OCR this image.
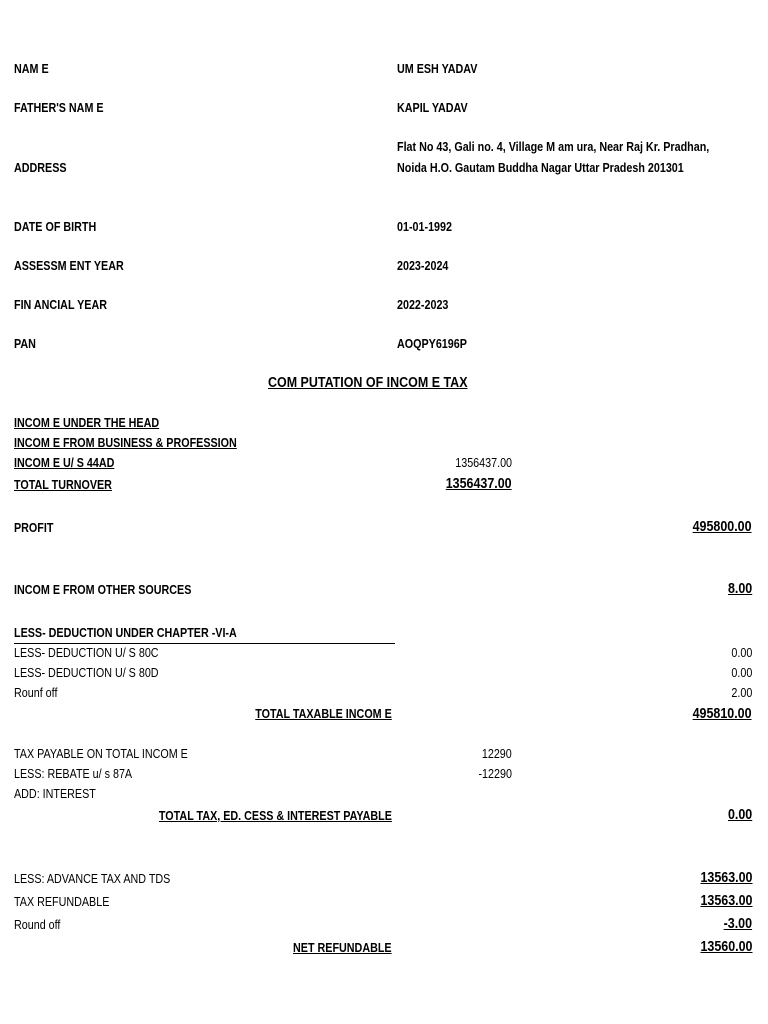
NAM E	UM ESH YADAV
FATHER'S NAM E	KAPIL YADAV
ADDRESS
Flat No 43, Gali no. 4, Village M am ura, Near Raj Kr. Pradhan, Noida H.O. Gautam Buddha Nagar Uttar Pradesh 201301
DATE OF BIRTH	01-01-1992
ASSESSM ENT YEAR	2023-2024
FIN ANCIAL YEAR	2022-2023
PAN	AOQPY6196P
COM PUTATION OF INCOM E TAX
INCOM E UNDER THE HEAD
INCOM E FROM BUSINESS & PROFESSION
INCOM E U/ S 44AD	1356437.00
TOTAL TURNOVER	1356437.00
PROFIT	495800.00
INCOM E FROM OTHER SOURCES	8.00
LESS- DEDUCTION UNDER CHAPTER -VI-A
LESS- DEDUCTION U/ S 80C	0.00
LESS- DEDUCTION U/ S 80D	0.00
Rounf off	2.00
TOTAL TAXABLE INCOM E	495810.00
TAX PAYABLE ON TOTAL INCOM E	12290
LESS: REBATE u/ s 87A	-12290
ADD: INTEREST
TOTAL TAX, ED. CESS & INTEREST PAYABLE	0.00
LESS: ADVANCE TAX AND TDS	13563.00
TAX REFUNDABLE	13563.00
Round off	-3.00
NET REFUNDABLE	13560.00
